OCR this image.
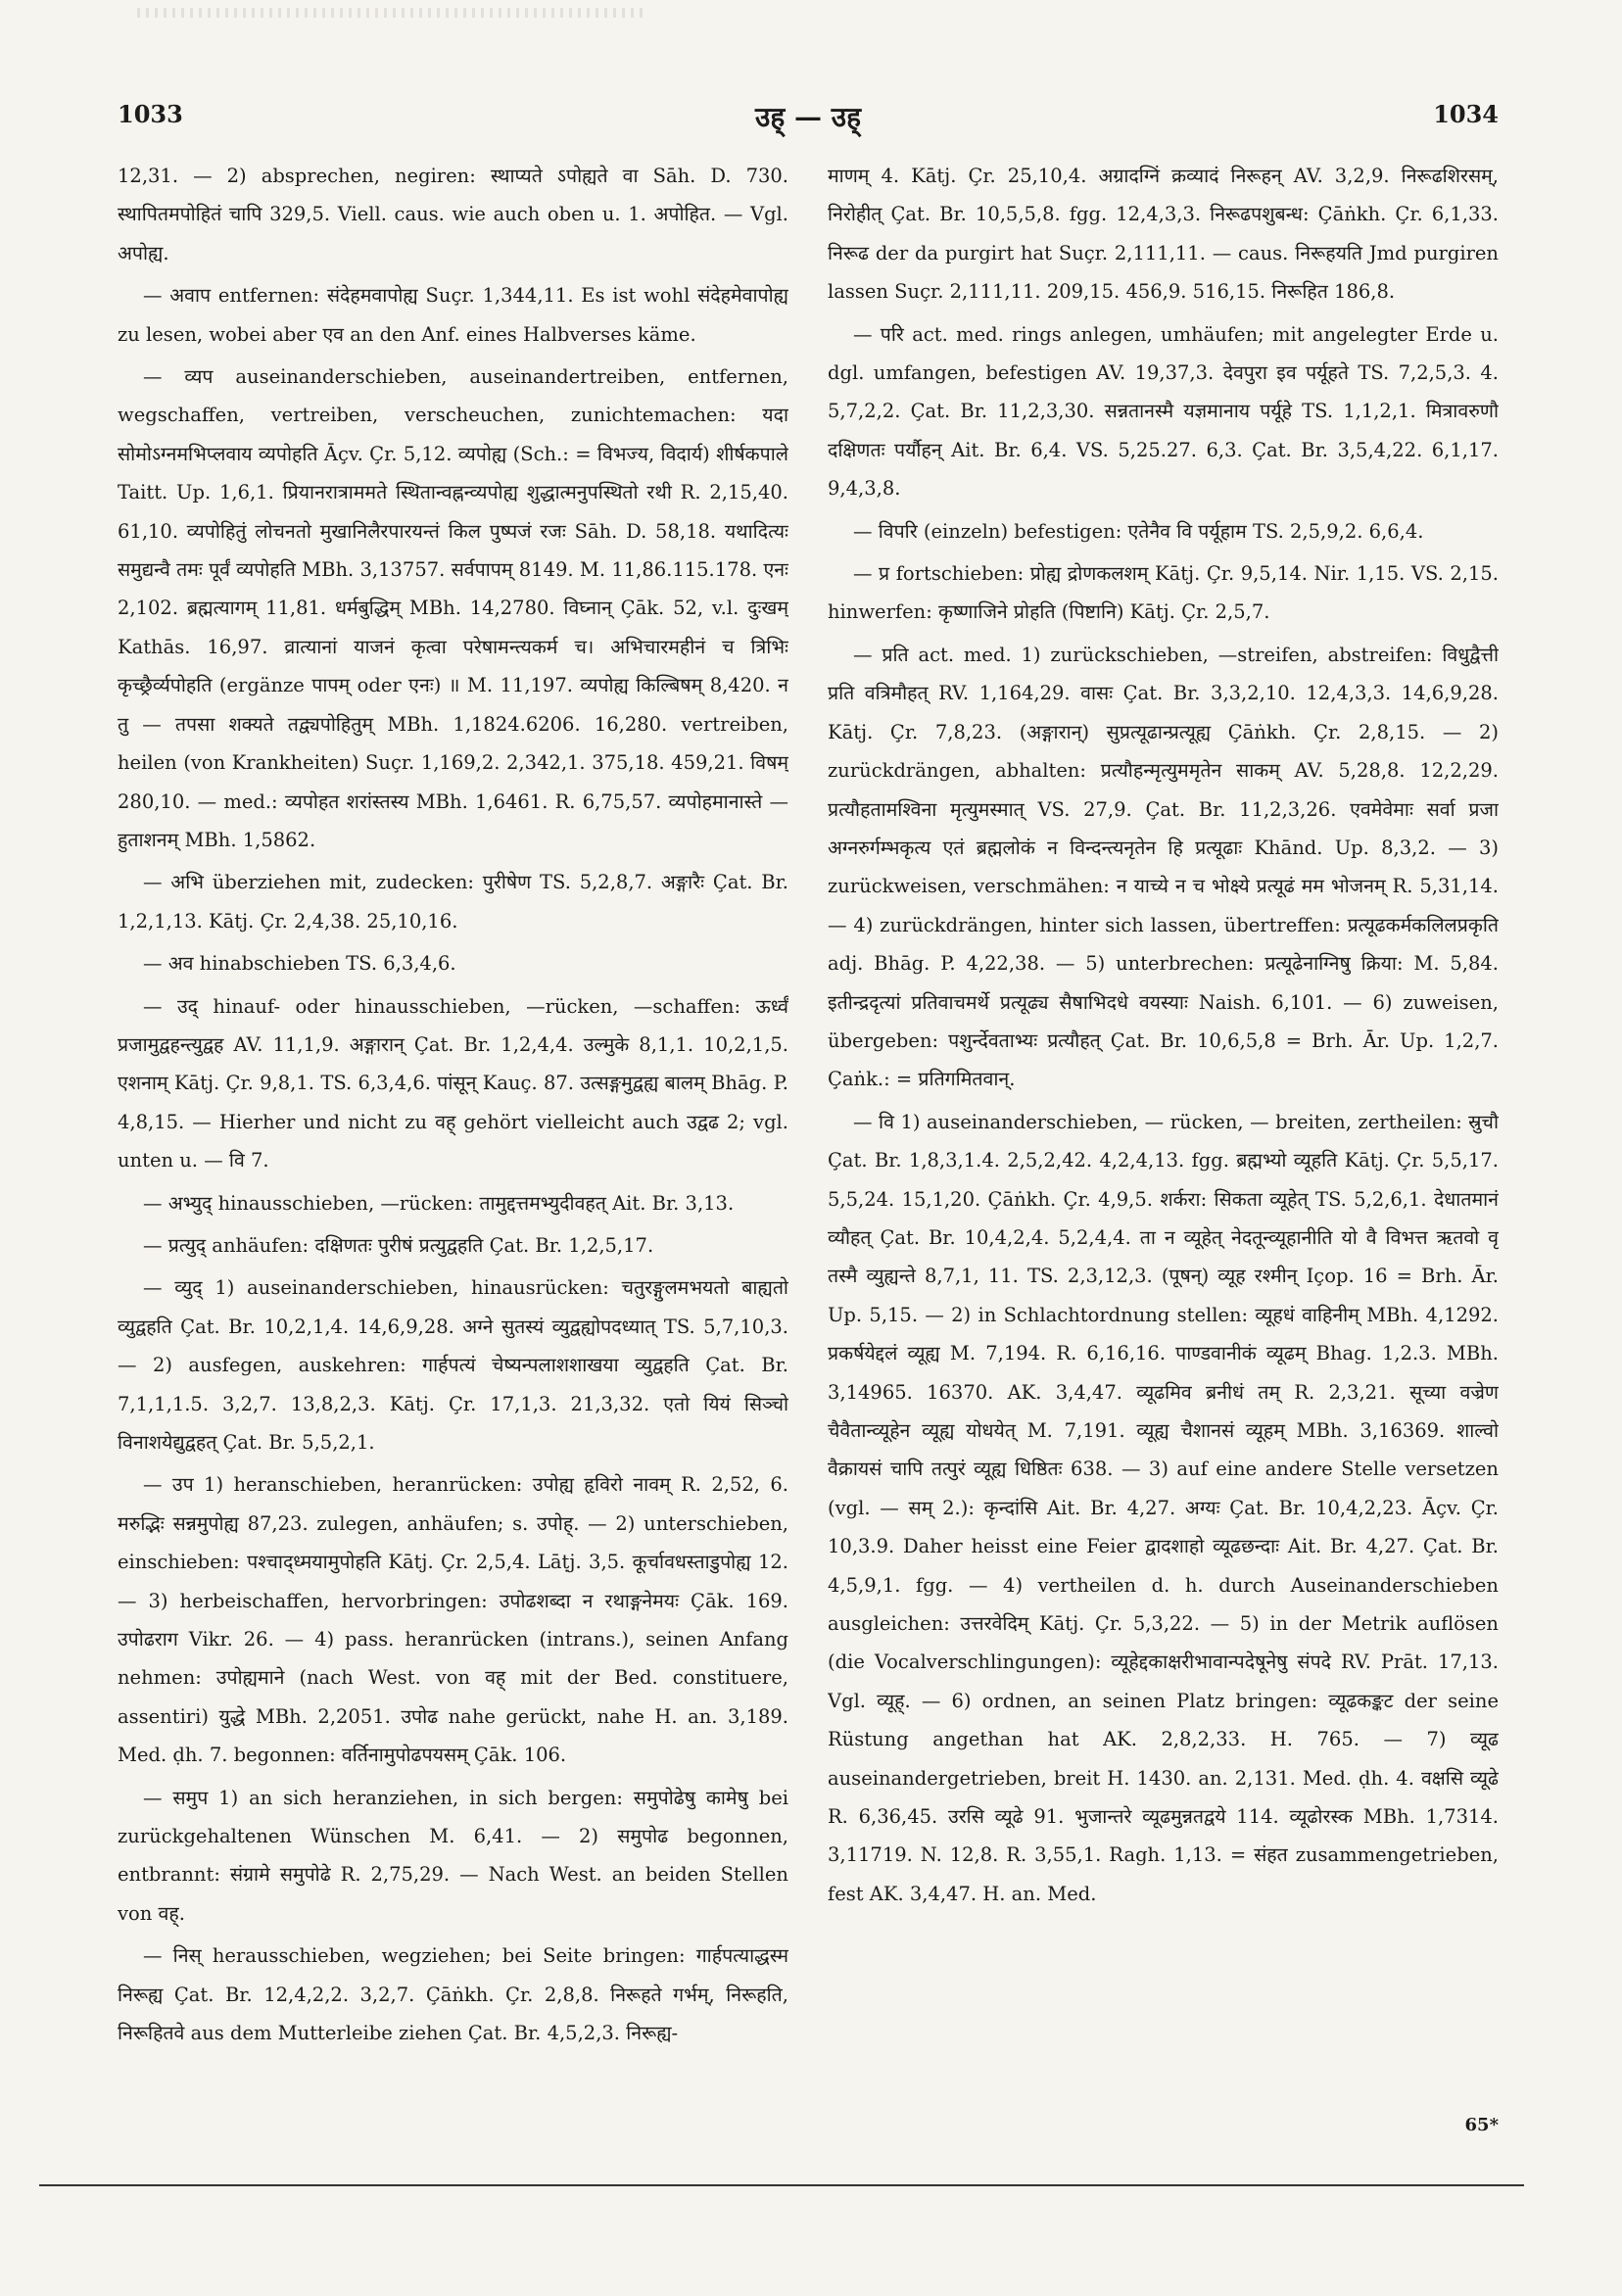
1033	उह् — उह्	1034

12,31. — 2) absprechen, negiren: स्थाप्यते ऽपोह्यते वा Sāh. D. 730. स्थापितमपोहितं चापि 329,5. Viell. caus. wie auch oben u. 1. अपोहित. — Vgl. अपोह्य.

— अवाप entfernen: संदेहमवापोह्य Suçr. 1,344,11. Es ist wohl संदेहमेवापोह्य zu lesen, wobei aber एव an den Anf. eines Halbverses käme.

— व्यप auseinanderschieben, auseinandertreiben, entfernen, wegschaffen, vertreiben, verscheuchen, zunichtemachen: यदा सोमोऽग्नमभिप्लवाय व्यपोहति Āçv. Çr. 5,12. व्यपोह्य (Sch.: = विभज्य, विदार्य) शीर्षकपाले Taitt. Up. 1,6,1. प्रियानरात्राममते स्थितान्वह्नन्व्यपोह्य शुद्धात्मनुपस्थितो रथी R. 2,15,40. 61,10. व्यपोहितुं लोचनतो मुखानिलैरपारयन्तं किल पुष्पजं रजः Sāh. D. 58,18. यथादित्यः समुद्यन्वै तमः पूर्वं व्यपोहति MBh. 3,13757. सर्वपापम् 8149. M. 11,86.115.178. एनः 2,102. ब्रह्मत्यागम् 11,81. धर्मबुद्धिम् MBh. 14,2780. विघ्नान् Çāk. 52, v.l. दुःखम् Kathās. 16,97. व्रात्यानां याजनं कृत्वा परेषामन्त्यकर्म च। अभिचारमहीनं च त्रिभिः कृच्छ्रैर्व्यपोहति (ergänze पापम् oder एनः) ॥ M. 11,197. व्यपोह्य किल्बिषम् 8,420. न तु — तपसा शक्यते तद्व्यपोहितुम् MBh. 1,1824.6206. 16,280. vertreiben, heilen (von Krankheiten) Suçr. 1,169,2. 2,342,1. 375,18. 459,21. विषम् 280,10. — med.: व्यपोहत शरांस्तस्य MBh. 1,6461. R. 6,75,57. व्यपोहमानास्ते — हुताशनम् MBh. 1,5862.

— अभि überziehen mit, zudecken: पुरीषेण TS. 5,2,8,7. अङ्गारैः Çat. Br. 1,2,1,13. Kātj. Çr. 2,4,38. 25,10,16.

— अव hinabschieben TS. 6,3,4,6.

— उद् hinauf- oder hinausschieben, —rücken, —schaffen: ऊर्ध्वं प्रजामुद्वहन्त्युद्वह AV. 11,1,9. अङ्गारान् Çat. Br. 1,2,4,4. उल्मुके 8,1,1. 10,2,1,5. एशनाम् Kātj. Çr. 9,8,1. TS. 6,3,4,6. पांसून् Kauç. 87. उत्सङ्गमुद्वह्य बालम् Bhāg. P. 4,8,15. — Hierher und nicht zu वह् gehört vielleicht auch उद्वढ 2; vgl. unten u. — वि 7.

— अभ्युद् hinausschieben, —rücken: तामुद्दत्तमभ्युदीवहत् Ait. Br. 3,13.

— प्रत्युद् anhäufen: दक्षिणतः पुरीषं प्रत्युद्वहति Çat. Br. 1,2,5,17.

— व्युद् 1) auseinanderschieben, hinausrücken: चतुरङ्गुलमभयतो बाह्यतो व्युद्वहति Çat. Br. 10,2,1,4. 14,6,9,28. अग्ने सुतस्यं व्युद्वह्योपदध्यात् TS. 5,7,10,3. — 2) ausfegen, auskehren: गार्हपत्यं चेष्यन्पलाशशाखया व्युद्वहति Çat. Br. 7,1,1,1.5. 3,2,7. 13,8,2,3. Kātj. Çr. 17,1,3. 21,3,32. एतो यियं सिञ्चो विनाशयेद्युद्वहत् Çat. Br. 5,5,2,1.

— उप 1) heranschieben, heranrücken: उपोह्य हृविरो नावम् R. 2,52, 6. मरुद्भिः सन्नमुपोह्य 87,23. zulegen, anhäufen; s. उपोह्. — 2) unterschieben, einschieben: पश्चाद्ध्मयामुपोहति Kātj. Çr. 2,5,4. Lāṭj. 3,5. कूर्चावधस्ताडुपोह्य 12. — 3) herbeischaffen, hervorbringen: उपोढशब्दा न रथाङ्गनेमयः Çāk. 169. उपोढराग Vikr. 26. — 4) pass. heranrücken (intrans.), seinen Anfang nehmen: उपोह्यमाने (nach West. von वह् mit der Bed. constituere, assentiri) युद्धे MBh. 2,2051. उपोढ nahe gerückt, nahe H. an. 3,189. Med. ḍh. 7. begonnen: वर्तिनामुपोढपयसम् Çāk. 106.

— समुप 1) an sich heranziehen, in sich bergen: समुपोढेषु कामेषु bei zurückgehaltenen Wünschen M. 6,41. — 2) समुपोढ begonnen, entbrannt: संग्रामे समुपोढे R. 2,75,29. — Nach West. an beiden Stellen von वह्.

— निस् herausschieben, wegziehen; bei Seite bringen: गार्हपत्याद्धस्म निरूह्य Çat. Br. 12,4,2,2. 3,2,7. Çāṅkh. Çr. 2,8,8. निरूहते गर्भम्, निरूहति, निरूहितवे aus dem Mutterleibe ziehen Çat. Br. 4,5,2,3. निरूह्य-

माणम् 4. Kātj. Çr. 25,10,4. अग्रादग्निं क्रव्यादं निरूहन् AV. 3,2,9. निरूढशिरसम्, निरोहीत् Çat. Br. 10,5,5,8. fgg. 12,4,3,3. निरूढपशुबन्ध: Çāṅkh. Çr. 6,1,33. निरूढ der da purgirt hat Suçr. 2,111,11. — caus. निरूहयति Jmd purgiren lassen Suçr. 2,111,11. 209,15. 456,9. 516,15. निरूहित 186,8.

— परि act. med. rings anlegen, umhäufen; mit angelegter Erde u. dgl. umfangen, befestigen AV. 19,37,3. देवपुरा इव पर्यूहते TS. 7,2,5,3. 4. 5,7,2,2. Çat. Br. 11,2,3,30. सन्नतानस्मै यज्ञमानाय पर्यूहे TS. 1,1,2,1. मित्रावरुणौ दक्षिणतः पर्यौहन् Ait. Br. 6,4. VS. 5,25.27. 6,3. Çat. Br. 3,5,4,22. 6,1,17. 9,4,3,8.

— विपरि (einzeln) befestigen: एतेनैव वि पर्यूहाम TS. 2,5,9,2. 6,6,4.

— प्र fortschieben: प्रोह्य द्रोणकलशम् Kātj. Çr. 9,5,14. Nir. 1,15. VS. 2,15. hinwerfen: कृष्णाजिने प्रोहति (पिष्टानि) Kātj. Çr. 2,5,7.

— प्रति act. med. 1) zurückschieben, —streifen, abstreifen: विधुद्वैत्ती प्रति वत्रिमौहत् RV. 1,164,29. वासः Çat. Br. 3,3,2,10. 12,4,3,3. 14,6,9,28. Kātj. Çr. 7,8,23. (अङ्गारान्) सुप्रत्यूढान्प्रत्यूह्य Çāṅkh. Çr. 2,8,15. — 2) zurückdrängen, abhalten: प्रत्यौहन्मृत्युममृतेन साकम् AV. 5,28,8. 12,2,29. प्रत्यौहतामश्विना मृत्युमस्मात् VS. 27,9. Çat. Br. 11,2,3,26. एवमेवेमाः सर्वा प्रजा अग्नरुर्गम्भकृत्य एतं ब्रह्मलोकं न विन्दन्त्यनृतेन हि प्रत्यूढाः Khānd. Up. 8,3,2. — 3) zurückweisen, verschmähen: न याच्ये न च भोक्ष्ये प्रत्यूढं मम भोजनम् R. 5,31,14. — 4) zurückdrängen, hinter sich lassen, übertreffen: प्रत्यूढकर्मकलिलप्रकृति adj. Bhāg. P. 4,22,38. — 5) unterbrechen: प्रत्यूढेनाग्निषु क्रिया: M. 5,84. इतीन्द्रदृत्यां प्रतिवाचमर्थे प्रत्यूढ्य सैषाभिदधे वयस्याः Naish. 6,101. — 6) zuweisen, übergeben: पशुर्न्देवताभ्यः प्रत्यौहत् Çat. Br. 10,6,5,8 = Brh. Ār. Up. 1,2,7. Çaṅk.: = प्रतिगमितवान्.

— वि 1) auseinanderschieben, — rücken, — breiten, zertheilen: स्रुचौ Çat. Br. 1,8,3,1.4. 2,5,2,42. 4,2,4,13. fgg. ब्रह्मभ्यो व्यूहति Kātj. Çr. 5,5,17. 5,5,24. 15,1,20. Çāṅkh. Çr. 4,9,5. शर्करा: सिकता व्यूहेत् TS. 5,2,6,1. देधातमानं व्यौहत् Çat. Br. 10,4,2,4. 5,2,4,4. ता न व्यूहेत् नेदतून्व्यूहानीति यो वै विभत्त ऋतवो वृ तस्मै व्युह्यन्ते 8,7,1, 11. TS. 2,3,12,3. (पूषन्) व्यूह रश्मीन् Içop. 16 = Brh. Ār. Up. 5,15. — 2) in Schlachtordnung stellen: व्यूहधं वाहिनीम् MBh. 4,1292. प्रकर्षयेद्दलं व्यूह्य M. 7,194. R. 6,16,16. पाण्डवानीकं व्यूढम् Bhag. 1,2.3. MBh. 3,14965. 16370. AK. 3,4,47. व्यूढमिव ब्रनीधं तम् R. 2,3,21. सूच्या वज्रेण चैवैतान्व्यूहेन व्यूह्य योधयेत् M. 7,191. व्यूह्य चैशानसं व्यूहम् MBh. 3,16369. शाल्वो वैक्रायसं चापि तत्पुरं व्यूह्य धिष्ठितः 638. — 3) auf eine andere Stelle versetzen (vgl. — सम् 2.): कृन्दांसि Ait. Br. 4,27. अग्यः Çat. Br. 10,4,2,23. Āçv. Çr. 10,3.9. Daher heisst eine Feier द्वादशाहो व्यूढछन्दाः Ait. Br. 4,27. Çat. Br. 4,5,9,1. fgg. — 4) vertheilen d. h. durch Auseinanderschieben ausgleichen: उत्तरवेदिम् Kātj. Çr. 5,3,22. — 5) in der Metrik auflösen (die Vocalverschlingungen): व्यूहेद्दकाक्षरीभावान्पदेषूनेषु संपदे RV. Prāt. 17,13. Vgl. व्यूह्. — 6) ordnen, an seinen Platz bringen: व्यूढकङ्कट der seine Rüstung angethan hat AK. 2,8,2,33. H. 765. — 7) व्यूढ auseinandergetrieben, breit H. 1430. an. 2,131. Med. ḍh. 4. वक्षसि व्यूढे R. 6,36,45. उरसि व्यूढे 91. भुजान्तरे व्यूढमुन्नतद्वये 114. व्यूढोरस्क MBh. 1,7314. 3,11719. N. 12,8. R. 3,55,1. Ragh. 1,13. = संहत zusammengetrieben, fest AK. 3,4,47. H. an. Med.

65*
